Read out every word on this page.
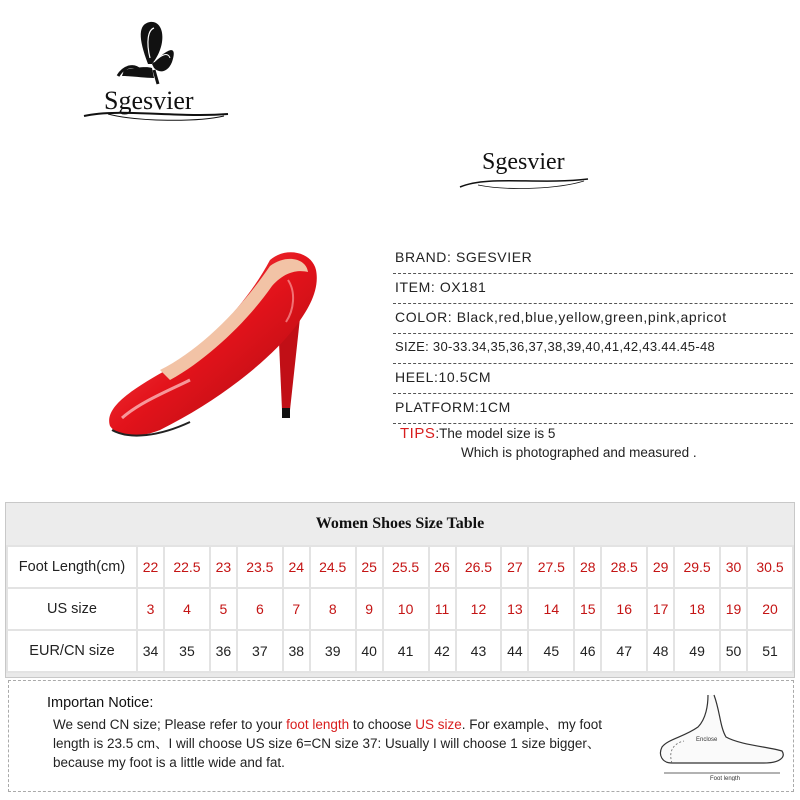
Sgesvier
Sgesvier
BRAND: SGESVIER
ITEM: OX181
COLOR: Black,red,blue,yellow,green,pink,apricot
SIZE: 30-33.34,35,36,37,38,39,40,41,42,43.44.45-48
HEEL:10.5CM
PLATFORM:1CM
TIPS:The model size is 5
Which is photographed and measured .
Women Shoes Size Table
Foot Length(cm)	22	22.5	23	23.5	24	24.5	25	25.5	26	26.5	27	27.5	28	28.5	29	29.5	30	30.5
US size	3	4	5	6	7	8	9	10	11	12	13	14	15	16	17	18	19	20
EUR/CN size	34	35	36	37	38	39	40	41	42	43	44	45	46	47	48	49	50	51
Importan Notice:
We send CN size; Please refer to your foot length to choose US size. For example、my foot length is 23.5 cm、I will choose US size 6=CN size 37: Usually I will choose 1 size bigger、because my foot is a little wide and fat.
Enclose
Foot length
